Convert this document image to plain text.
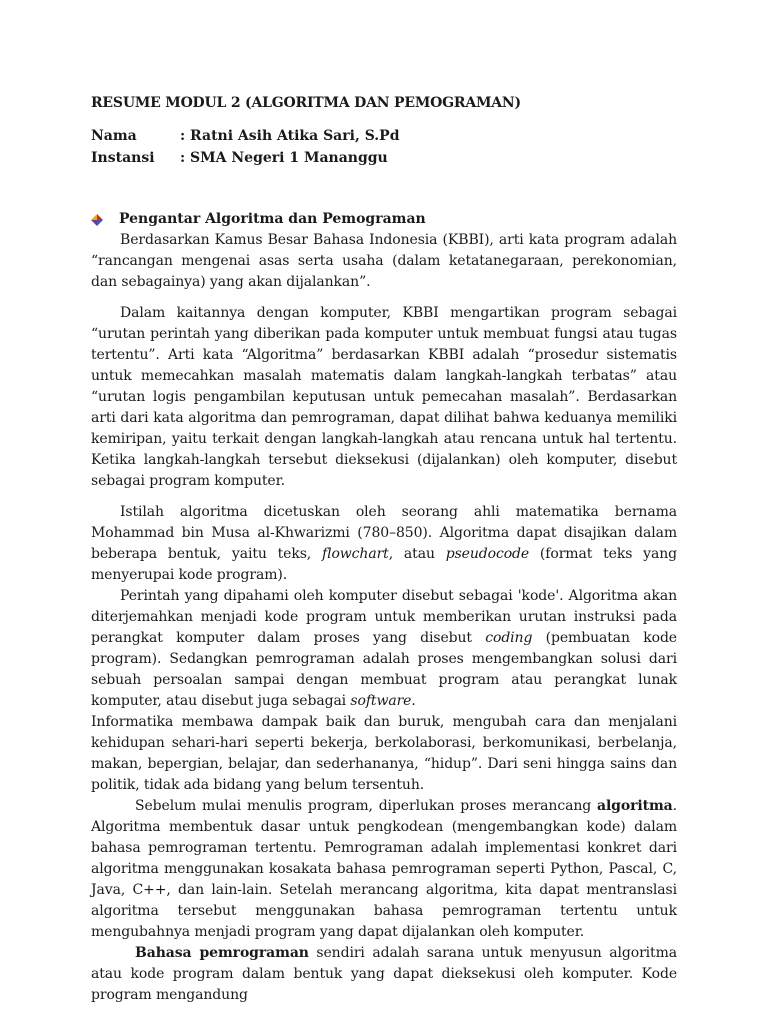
RESUME MODUL 2 (ALGORITMA DAN PEMOGRAMAN)
Nama	: Ratni Asih Atika Sari, S.Pd
Instansi	: SMA Negeri 1 Mananggu
Pengantar Algoritma dan Pemograman

Berdasarkan Kamus Besar Bahasa Indonesia (KBBI), arti kata program adalah “rancangan mengenai asas serta usaha (dalam ketatanegaraan, perekonomian, dan sebagainya) yang akan dijalankan”.

Dalam kaitannya dengan komputer, KBBI mengartikan program sebagai “urutan perintah yang diberikan pada komputer untuk membuat fungsi atau tugas tertentu”. Arti kata “Algoritma” berdasarkan KBBI adalah “prosedur sistematis untuk memecahkan masalah matematis dalam langkah-langkah terbatas” atau “urutan logis pengambilan keputusan untuk pemecahan masalah”. Berdasarkan arti dari kata algoritma dan pemrograman, dapat dilihat bahwa keduanya memiliki kemiripan, yaitu terkait dengan langkah-langkah atau rencana untuk hal tertentu. Ketika langkah-langkah tersebut dieksekusi (dijalankan) oleh komputer, disebut sebagai program komputer.

Istilah algoritma dicetuskan oleh seorang ahli matematika bernama Mohammad bin Musa al-Khwarizmi (780–850). Algoritma dapat disajikan dalam beberapa bentuk, yaitu teks, flowchart, atau pseudocode (format teks yang menyerupai kode program).

Perintah yang dipahami oleh komputer disebut sebagai 'kode'. Algoritma akan diterjemahkan menjadi kode program untuk memberikan urutan instruksi pada perangkat komputer dalam proses yang disebut coding (pembuatan kode program). Sedangkan pemrograman adalah proses mengembangkan solusi dari sebuah persoalan sampai dengan membuat program atau perangkat lunak komputer, atau disebut juga sebagai software.

Informatika membawa dampak baik dan buruk, mengubah cara dan menjalani kehidupan sehari-hari seperti bekerja, berkolaborasi, berkomunikasi, berbelanja, makan, bepergian, belajar, dan sederhananya, “hidup”. Dari seni hingga sains dan politik, tidak ada bidang yang belum tersentuh.

Sebelum mulai menulis program, diperlukan proses merancang algoritma. Algoritma membentuk dasar untuk pengkodean (mengembangkan kode) dalam bahasa pemrograman tertentu. Pemrograman adalah implementasi konkret dari algoritma menggunakan kosakata bahasa pemrograman seperti Python, Pascal, C, Java, C++, dan lain-lain. Setelah merancang algoritma, kita dapat mentranslasi algoritma tersebut menggunakan bahasa pemrograman tertentu untuk mengubahnya menjadi program yang dapat dijalankan oleh komputer.

Bahasa pemrograman sendiri adalah sarana untuk menyusun algoritma atau kode program dalam bentuk yang dapat dieksekusi oleh komputer. Kode program mengandung
